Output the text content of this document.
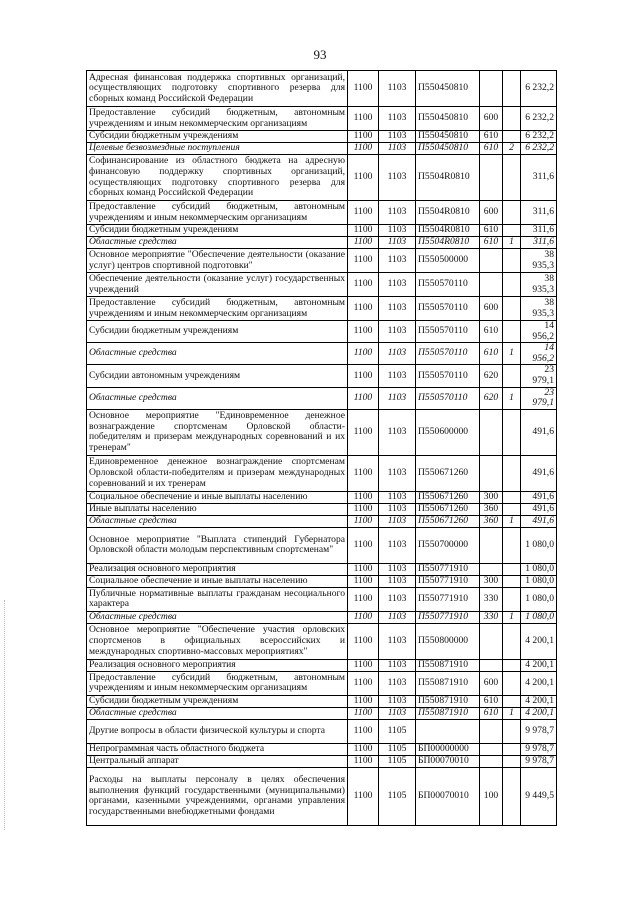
93
Адресная финансовая поддержка спортивных организаций, осуществляющих подготовку спортивного резерва для сборных команд Российской Федерации	1100	1103	П550450810			6 232,2
Предоставление субсидий бюджетным, автономным учреждениям и иным некоммерческим организациям	1100	1103	П550450810	600		6 232,2
Субсидии бюджетным учреждениям	1100	1103	П550450810	610		6 232,2
Целевые безвозмездные поступления	1100	1103	П550450810	610	2	6 232,2
Софинансирование из областного бюджета на адресную финансовую поддержку спортивных организаций, осуществляющих подготовку спортивного резерва для сборных команд Российской Федерации	1100	1103	П5504R0810			311,6
Предоставление субсидий бюджетным, автономным учреждениям и иным некоммерческим организациям	1100	1103	П5504R0810	600		311,6
Субсидии бюджетным учреждениям	1100	1103	П5504R0810	610		311,6
Областные средства	1100	1103	П5504R0810	610	1	311,6
Основное мероприятие "Обеспечение деятельности (оказание услуг) центров спортивной подготовки"	1100	1103	П550500000			38 935,3
Обеспечение деятельности (оказание услуг) государственных учреждений	1100	1103	П550570110			38 935,3
Предоставление субсидий бюджетным, автономным учреждениям и иным некоммерческим организациям	1100	1103	П550570110	600		38 935,3
Субсидии бюджетным учреждениям	1100	1103	П550570110	610		14 956,2
Областные средства	1100	1103	П550570110	610	1	14 956,2
Субсидии автономным учреждениям	1100	1103	П550570110	620		23 979,1
Областные средства	1100	1103	П550570110	620	1	23 979,1
Основное мероприятие "Единовременное денежное вознаграждение спортсменам Орловской области-победителям и призерам международных соревнований и их тренерам"	1100	1103	П550600000			491,6
Единовременное денежное вознаграждение спортсменам Орловской области-победителям и призерам международных соревнований и их тренерам	1100	1103	П550671260			491,6
Социальное обеспечение и иные выплаты населению	1100	1103	П550671260	300		491,6
Иные выплаты населению	1100	1103	П550671260	360		491,6
Областные средства	1100	1103	П550671260	360	1	491,6
Основное мероприятие "Выплата стипендий Губернатора Орловской области молодым перспективным спортсменам"	1100	1103	П550700000			1 080,0
Реализация основного мероприятия	1100	1103	П550771910			1 080,0
Социальное обеспечение и иные выплаты населению	1100	1103	П550771910	300		1 080,0
Публичные нормативные выплаты гражданам несоциального характера	1100	1103	П550771910	330		1 080,0
Областные средства	1100	1103	П550771910	330	1	1 080,0
Основное мероприятие "Обеспечение участия орловских спортсменов в официальных всероссийских и международных спортивно-массовых мероприятиях"	1100	1103	П550800000			4 200,1
Реализация основного мероприятия	1100	1103	П550871910			4 200,1
Предоставление субсидий бюджетным, автономным учреждениям и иным некоммерческим организациям	1100	1103	П550871910	600		4 200,1
Субсидии бюджетным учреждениям	1100	1103	П550871910	610		4 200,1
Областные средства	1100	1103	П550871910	610	1	4 200,1
Другие вопросы в области физической культуры и спорта	1100	1105				9 978,7
Непрограммная часть областного бюджета	1100	1105	БП00000000			9 978,7
Центральный аппарат	1100	1105	БП00070010			9 978,7
Расходы на выплаты персоналу в целях обеспечения выполнения функций государственными (муниципальными) органами, казенными учреждениями, органами управления государственными внебюджетными фондами	1100	1105	БП00070010	100		9 449,5
